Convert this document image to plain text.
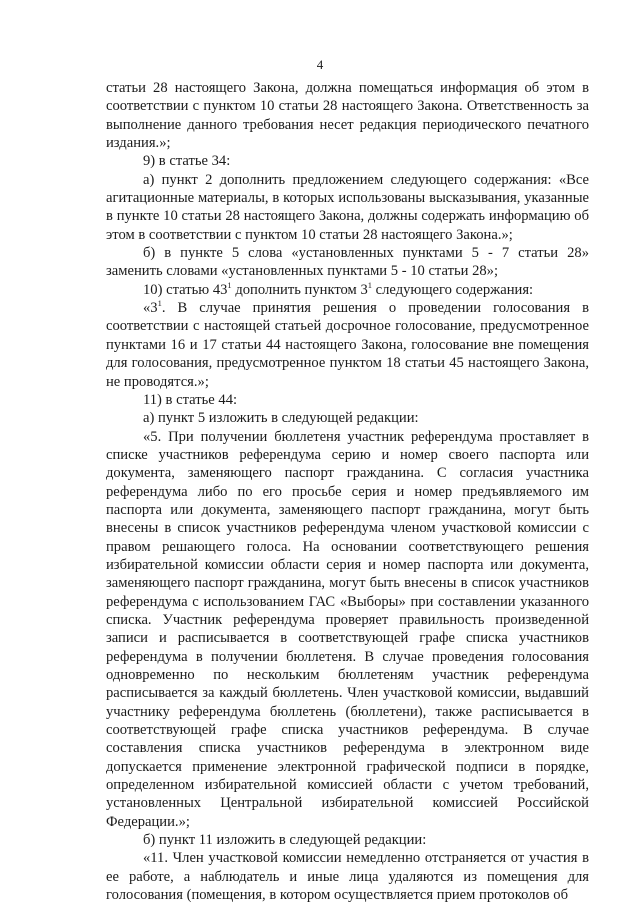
4

статьи 28 настоящего Закона, должна помещаться информация об этом в соответствии с пунктом 10 статьи 28 настоящего Закона. Ответственность за выполнение данного требования несет редакция периодического печатного издания.»;

9) в статье 34:

а) пункт 2 дополнить предложением следующего содержания: «Все агитационные материалы, в которых использованы высказывания, указанные в пункте 10 статьи 28 настоящего Закона, должны содержать информацию об этом в соответствии с пунктом 10 статьи 28 настоящего Закона.»;

б) в пункте 5 слова «установленных пунктами 5 - 7 статьи 28» заменить словами «установленных пунктами 5 - 10 статьи 28»;

10) статью $43^1$ дополнить пунктом $3^1$ следующего содержания:

«$3^1$. В случае принятия решения о проведении голосования в соответствии с настоящей статьей досрочное голосование, предусмотренное пунктами 16 и 17 статьи 44 настоящего Закона, голосование вне помещения для голосования, предусмотренное пунктом 18 статьи 45 настоящего Закона, не проводятся.»;

11) в статье 44:

а) пункт 5 изложить в следующей редакции:

«5. При получении бюллетеня участник референдума проставляет в списке участников референдума серию и номер своего паспорта или документа, заменяющего паспорт гражданина. С согласия участника референдума либо по его просьбе серия и номер предъявляемого им паспорта или документа, заменяющего паспорт гражданина, могут быть внесены в список участников референдума членом участковой комиссии с правом решающего голоса. На основании соответствующего решения избирательной комиссии области серия и номер паспорта или документа, заменяющего паспорт гражданина, могут быть внесены в список участников референдума с использованием ГАС «Выборы» при составлении указанного списка. Участник референдума проверяет правильность произведенной записи и расписывается в соответствующей графе списка участников референдума в получении бюллетеня. В случае проведения голосования одновременно по нескольким бюллетеням участник референдума расписывается за каждый бюллетень. Член участковой комиссии, выдавший участнику референдума бюллетень (бюллетени), также расписывается в соответствующей графе списка участников референдума. В случае составления списка участников референдума в электронном виде допускается применение электронной графической подписи в порядке, определенном избирательной комиссией области с учетом требований, установленных Центральной избирательной комиссией Российской Федерации.»;

б) пункт 11 изложить в следующей редакции:

«11. Член участковой комиссии немедленно отстраняется от участия в ее работе, а наблюдатель и иные лица удаляются из помещения для голосования (помещения, в котором осуществляется прием протоколов об
